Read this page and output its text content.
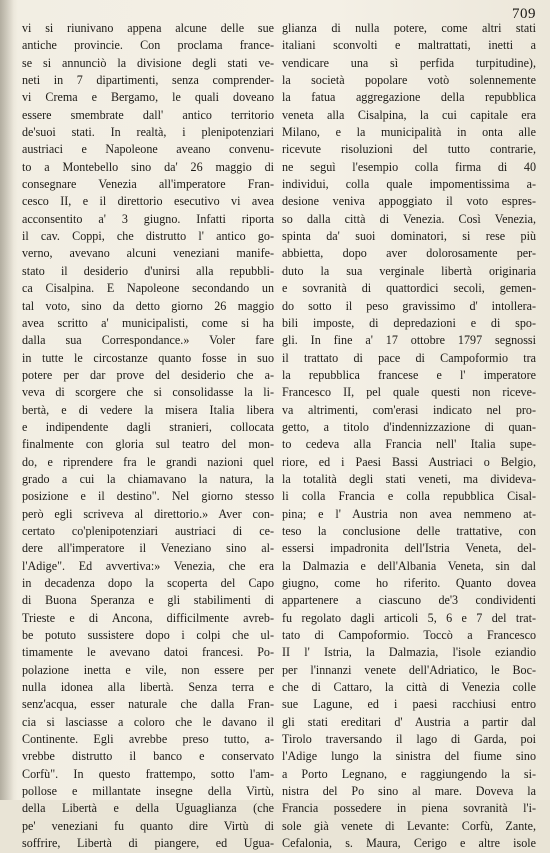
709
vi si riunivano appena alcune delle sue
antiche provincie. Con proclama france-
se si annunciò la divisione degli stati ve-
neti in 7 dipartimenti, senza comprender-
vi Crema e Bergamo, le quali doveano
essere smembrate dall' antico territorio
de'suoi stati. In realtà, i plenipotenziari
austriaci e Napoleone aveano convenu-
to a Montebello sino da' 26 maggio di
consegnare Venezia all'imperatore Fran-
cesco II, e il direttorio esecutivo vi avea
acconsentito a' 3 giugno. Infatti riporta
il cav. Coppi, che distrutto l' antico go-
verno, avevano alcuni veneziani manife-
stato il desiderio d'unirsi alla repubbli-
ca Cisalpina. E Napoleone secondando un
tal voto, sino da detto giorno 26 maggio
avea scritto a' municipalisti, come si ha
dalla sua Correspondance.» Voler fare
in tutte le circostanze quanto fosse in suo
potere per dar prove del desiderio che a-
veva di scorgere che si consolidasse la li-
bertà, e di vedere la misera Italia libera
e indipendente dagli stranieri, collocata
finalmente con gloria sul teatro del mon-
do, e riprendere fra le grandi nazioni quel
grado a cui la chiamavano la natura, la
posizione e il destino". Nel giorno stesso
però egli scriveva al direttorio.» Aver con-
certato co'plenipotenziari austriaci di ce-
dere all'imperatore il Veneziano sino al-
l'Adige". Ed avvertiva:» Venezia, che era
in decadenza dopo la scoperta del Capo
di Buona Speranza e gli stabilimenti di
Trieste e di Ancona, difficilmente avreb-
be potuto sussistere dopo i colpi che ul-
timamente le avevano datoi francesi. Po-
polazione inetta e vile, non essere per
nulla idonea alla libertà. Senza terra e
senz'acqua, esser naturale che dalla Fran-
cia si lasciasse a coloro che le davano il
Continente. Egli avrebbe preso tutto, a-
vrebbe distrutto il banco e conservato
Corfù". In questo frattempo, sotto l'am-
pollose e millantate insegne della Virtù,
della Libertà e della Uguaglianza (che
pe' veneziani fu quanto dire Virtù di
soffrire, Libertà di piangere, ed Ugua-
glianza di nulla potere, come altri stati
italiani sconvolti e maltrattati, inetti a
vendicare una sì perfida turpitudine),
la società popolare votò solennemente
la fatua aggregazione della repubblica
veneta alla Cisalpina, la cui capitale era
Milano, e la municipalità in onta alle
ricevute risoluzioni del tutto contrarie,
ne seguì l'esempio colla firma di 40
individui, colla quale impomentissima a-
desione veniva appoggiato il voto espres-
so dalla città di Venezia. Così Venezia,
spinta da' suoi dominatori, si rese più
abbietta, dopo aver dolorosamente per-
duto la sua verginale libertà originaria
e sovranità di quattordici secoli, gemen-
do sotto il peso gravissimo d' intollera-
bili imposte, di depredazioni e di spo-
gli. In fine a' 17 ottobre 1797 segnossi
il trattato di pace di Campoformio tra
la repubblica francese e l' imperatore
Francesco II, pel quale questi non riceve-
va altrimenti, com'erasi indicato nel pro-
getto, a titolo d'indennizzazione di quan-
to cedeva alla Francia nell' Italia supe-
riore, ed i Paesi Bassi Austriaci o Belgio,
la totalità degli stati veneti, ma divideva-
li colla Francia e colla repubblica Cisal-
pina; e l' Austria non avea nemmeno at-
teso la conclusione delle trattative, con
essersi impadronita dell'Istria Veneta, del-
la Dalmazia e dell'Albania Veneta, sin dal
giugno, come ho riferito. Quanto dovea
appartenere a ciascuno de'3 condividenti
fu regolato dagli articoli 5, 6 e 7 del trat-
tato di Campoformio. Toccò a Francesco
II l' Istria, la Dalmazia, l'isole eziandio
per l'innanzi venete dell'Adriatico, le Boc-
che di Cattaro, la città di Venezia colle
sue Lagune, ed i paesi racchiusi entro
gli stati ereditari d' Austria a partir dal
Tirolo traversando il lago di Garda, poi
l'Adige lungo la sinistra del fiume sino
a Porto Legnano, e raggiungendo la si-
nistra del Po sino al mare. Doveva la
Francia possedere in piena sovranità l'i-
sole già venete di Levante: Corfù, Zante,
Cefalonia, s. Maura, Cerigo e altre isole
